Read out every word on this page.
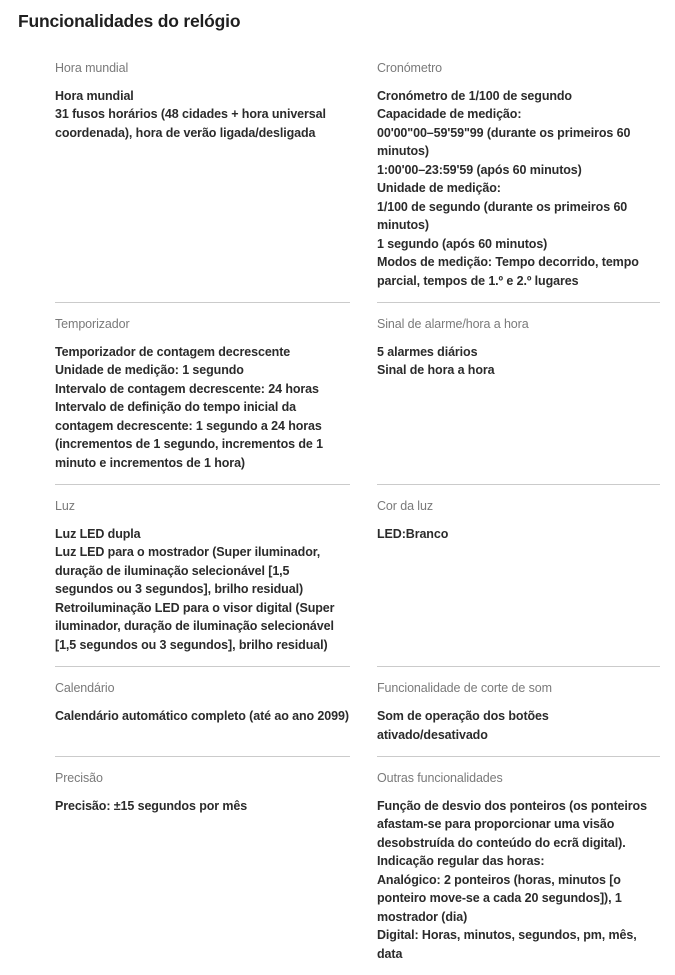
Funcionalidades do relógio
Hora mundial

Hora mundial

31 fusos horários (48 cidades + hora universal coordenada), hora de verão ligada/desligada

Cronómetro

Cronómetro de 1/100 de segundo

Capacidade de medição:

00'00"00–59'59"99 (durante os primeiros 60 minutos)

1:00'00–23:59'59 (após 60 minutos)

Unidade de medição:

1/100 de segundo (durante os primeiros 60 minutos)

1 segundo (após 60 minutos)

Modos de medição: Tempo decorrido, tempo parcial, tempos de 1.º e 2.º lugares

Temporizador

Temporizador de contagem decrescente

Unidade de medição: 1 segundo

Intervalo de contagem decrescente: 24 horas

Intervalo de definição do tempo inicial da contagem decrescente: 1 segundo a 24 horas (incrementos de 1 segundo, incrementos de 1 minuto e incrementos de 1 hora)

Sinal de alarme/hora a hora

5 alarmes diários

Sinal de hora a hora

Luz

Luz LED dupla

Luz LED para o mostrador (Super iluminador, duração de iluminação selecionável [1,5 segundos ou 3 segundos], brilho residual)

Retroiluminação LED para o visor digital (Super iluminador, duração de iluminação selecionável [1,5 segundos ou 3 segundos], brilho residual)

Cor da luz

LED:Branco

Calendário

Calendário automático completo (até ao ano 2099)

Funcionalidade de corte de som

Som de operação dos botões ativado/desativado

Precisão

Precisão: ±15 segundos por mês

Outras funcionalidades

Função de desvio dos ponteiros (os ponteiros afastam-se para proporcionar uma visão desobstruída do conteúdo do ecrã digital).

Indicação regular das horas:

Analógico: 2 ponteiros (horas, minutos [o ponteiro move-se a cada 20 segundos]), 1 mostrador (dia)

Digital: Horas, minutos, segundos, pm, mês, data
